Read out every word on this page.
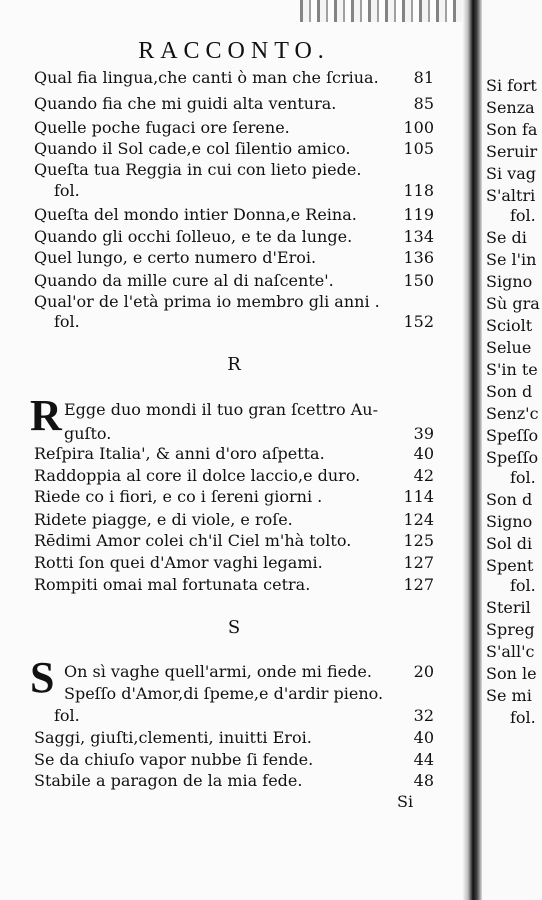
RACCONTO.
Qual fia lingua,che canti ò man che ſcriua. 81
Quando fia che mi guidi alta ventura.	85
Quelle poche fugaci ore ſerene.	100
Quando il Sol cade,e col ſilentio amico.	105
Queſta tua Reggia in cui con lieto piede.
fol.	118
Queſta del mondo intier Donna,e Reina.	119
Quando gli occhi ſolleuo, e te da lunge.	134
Quel lungo, e certo numero d'Eroi.	136
Quando da mille cure al di naſcente'.	150
Qual'or de l'età prima io membro gli anni .
fol.	152
R
R Egge duo mondi il tuo gran ſcettro Au-
guſto.	39
Reſpira Italia', & anni d'oro aſpetta.	40
Raddoppia al core il dolce laccio,e duro.	42
Riede co i fiori, e co i ſereni giorni .	114
Ridete piagge, e di viole, e roſe.	124
Rēdimi Amor colei ch'il Ciel m'hà tolto.	125
Rotti ſon quei d'Amor vaghi legami.	127
Rompiti omai mal fortunata cetra.	127
S
S On sì vaghe quell'armi, onde mi fiede.	20
Speſſo d'Amor,di ſpeme,e d'ardir pieno.
fol.	32
Saggi, giuſti,clementi, inuitti Eroi.	40
Se da chiuſo vapor nubbe ſi fende.	44
Stabile a paragon de la mia fede.	48
Si
Si fort
Senza
Son fa
Seruir
Si vag
S'altri
fol.
Se di
Se l'in
Signo
Sù gra
Sciolt
Selue
S'in te
Son d
Senz'c
Speſſo
Speſſo
fol.
Son d
Signo
Sol di
Spent
fol.
Steril
Spreg
S'all'c
Son le
Se mi
fol.
